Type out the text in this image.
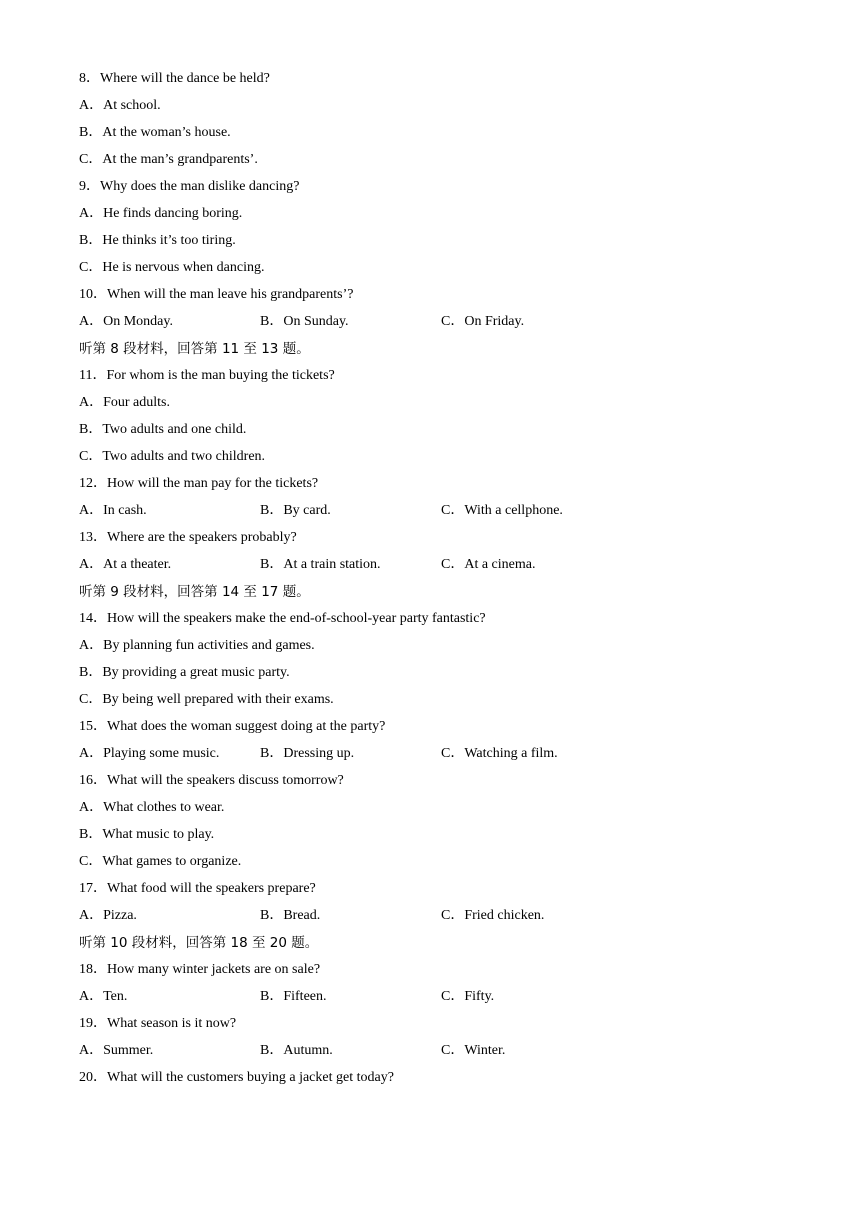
8．Where will the dance be held?
A．At school.
B．At the woman’s house.
C．At the man’s grandparents’.
9．Why does the man dislike dancing?
A．He finds dancing boring.
B．He thinks it’s too tiring.
C．He is nervous when dancing.
10．When will the man leave his grandparents’?
A．On Monday.	B．On Sunday.	C．On Friday.
听第 8 段材料，回答第 11 至 13 题。
11．For whom is the man buying the tickets?
A．Four adults.
B．Two adults and one child.
C．Two adults and two children.
12．How will the man pay for the tickets?
A．In cash.	B．By card.	C．With a cellphone.
13．Where are the speakers probably?
A．At a theater.	B．At a train station.	C．At a cinema.
听第 9 段材料，回答第 14 至 17 题。
14．How will the speakers make the end-of-school-year party fantastic?
A．By planning fun activities and games.
B．By providing a great music party.
C．By being well prepared with their exams.
15．What does the woman suggest doing at the party?
A．Playing some music.	B．Dressing up.	C．Watching a film.
16．What will the speakers discuss tomorrow?
A．What clothes to wear.
B．What music to play.
C．What games to organize.
17．What food will the speakers prepare?
A．Pizza.	B．Bread.	C．Fried chicken.
听第 10 段材料，回答第 18 至 20 题。
18．How many winter jackets are on sale?
A．Ten.	B．Fifteen.	C．Fifty.
19．What season is it now?
A．Summer.	B．Autumn.	C．Winter.
20．What will the customers buying a jacket get today?
